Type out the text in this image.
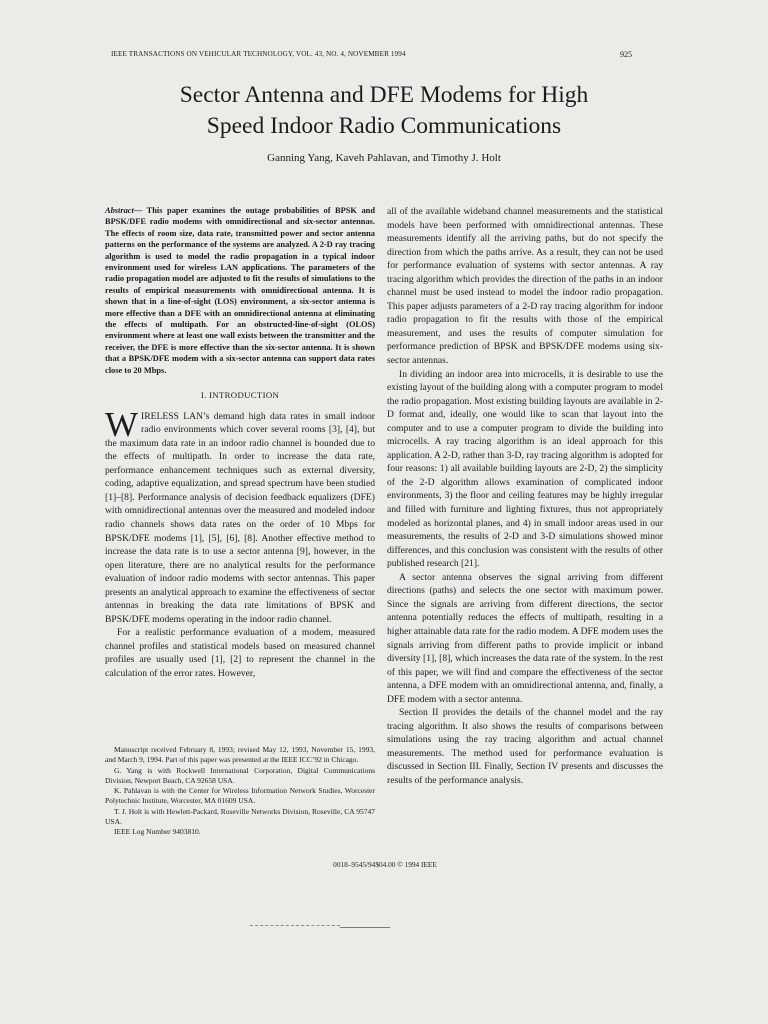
IEEE TRANSACTIONS ON VEHICULAR TECHNOLOGY, VOL. 43, NO. 4, NOVEMBER 1994	925
Sector Antenna and DFE Modems for High
Speed Indoor Radio Communications
Ganning Yang, Kaveh Pahlavan, and Timothy J. Holt
Abstract— This paper examines the outage probabilities of BPSK and BPSK/DFE radio modems with omnidirectional and six-sector antennas. The effects of room size, data rate, transmitted power and sector antenna patterns on the performance of the systems are analyzed. A 2-D ray tracing algorithm is used to model the radio propagation in a typical indoor environment used for wireless LAN applications. The parameters of the radio propagation model are adjusted to fit the results of simulations to the results of empirical measurements with omnidirectional antenna. It is shown that in a line-of-sight (LOS) environment, a six-sector antenna is more effective than a DFE with an omnidirectional antenna at eliminating the effects of multipath. For an obstructed-line-of-sight (OLOS) environment where at least one wall exists between the transmitter and the receiver, the DFE is more effective than the six-sector antenna. It is shown that a BPSK/DFE modem with a six-sector antenna can support data rates close to 20 Mbps.
I. INTRODUCTION

WIRELESS LAN’s demand high data rates in small indoor radio environments which cover several rooms [3], [4], but the maximum data rate in an indoor radio channel is bounded due to the effects of multipath. In order to increase the data rate, performance enhancement techniques such as external diversity, coding, adaptive equalization, and spread spectrum have been studied [1]–[8]. Performance analysis of decision feedback equalizers (DFE) with omnidirectional antennas over the measured and modeled indoor radio channels shows data rates on the order of 10 Mbps for BPSK/DFE modems [1], [5], [6], [8]. Another effective method to increase the data rate is to use a sector antenna [9], however, in the open literature, there are no analytical results for the performance evaluation of indoor radio modems with sector antennas. This paper presents an analytical approach to examine the effectiveness of sector antennas in breaking the data rate limitations of BPSK and BPSK/DFE modems operating in the indoor radio channel.

For a realistic performance evaluation of a modem, measured channel profiles and statistical models based on measured channel profiles are usually used [1], [2] to represent the channel in the calculation of the error rates. However,

Manuscript received February 8, 1993; revised May 12, 1993, November 15, 1993, and March 9, 1994. Part of this paper was presented at the IEEE ICC’92 in Chicago.

G. Yang is with Rockwell International Corporation, Digital Communications Division, Newport Beach, CA 92658 USA.

K. Pahlavan is with the Center for Wireless Information Network Studies, Worcester Polytechnic Institute, Worcester, MA 01609 USA.

T. J. Holt is with Hewlett-Packard, Roseville Networks Division, Roseville, CA 95747 USA.

IEEE Log Number 9403810.

all of the available wideband channel measurements and the statistical models have been performed with omnidirectional antennas. These measurements identify all the arriving paths, but do not specify the direction from which the paths arrive. As a result, they can not be used for performance evaluation of systems with sector antennas. A ray tracing algorithm which provides the direction of the paths in an indoor channel must be used instead to model the indoor radio propagation. This paper adjusts parameters of a 2-D ray tracing algorithm for indoor radio propagation to fit the results with those of the empirical measurement, and uses the results of computer simulation for performance prediction of BPSK and BPSK/DFE modems using six-sector antennas.

In dividing an indoor area into microcells, it is desirable to use the existing layout of the building along with a computer program to model the radio propagation. Most existing building layouts are available in 2-D format and, ideally, one would like to scan that layout into the computer and to use a computer program to divide the building into microcells. A ray tracing algorithm is an ideal approach for this application. A 2-D, rather than 3-D, ray tracing algorithm is adopted for four reasons: 1) all available building layouts are 2-D, 2) the simplicity of the 2-D algorithm allows examination of complicated indoor environments, 3) the floor and ceiling features may be highly irregular and filled with furniture and lighting fixtures, thus not appropriately modeled as horizontal planes, and 4) in small indoor areas used in our measurements, the results of 2-D and 3-D simulations showed minor differences, and this conclusion was consistent with the results of other published research [21].

A sector antenna observes the signal arriving from different directions (paths) and selects the one sector with maximum power. Since the signals are arriving from different directions, the sector antenna potentially reduces the effects of multipath, resulting in a higher attainable data rate for the radio modem. A DFE modem uses the signals arriving from different paths to provide implicit or inband diversity [1], [8], which increases the data rate of the system. In the rest of this paper, we will find and compare the effectiveness of the sector antenna, a DFE modem with an omnidirectional antenna, and, finally, a DFE modem with a sector antenna.

Section II provides the details of the channel model and the ray tracing algorithm. It also shows the results of comparisons between simulations using the ray tracing algorithm and actual channel measurements. The method used for performance evaluation is discussed in Section III. Finally, Section IV presents and discusses the results of the performance analysis.

0018–9545/94$04.00 © 1994 IEEE
